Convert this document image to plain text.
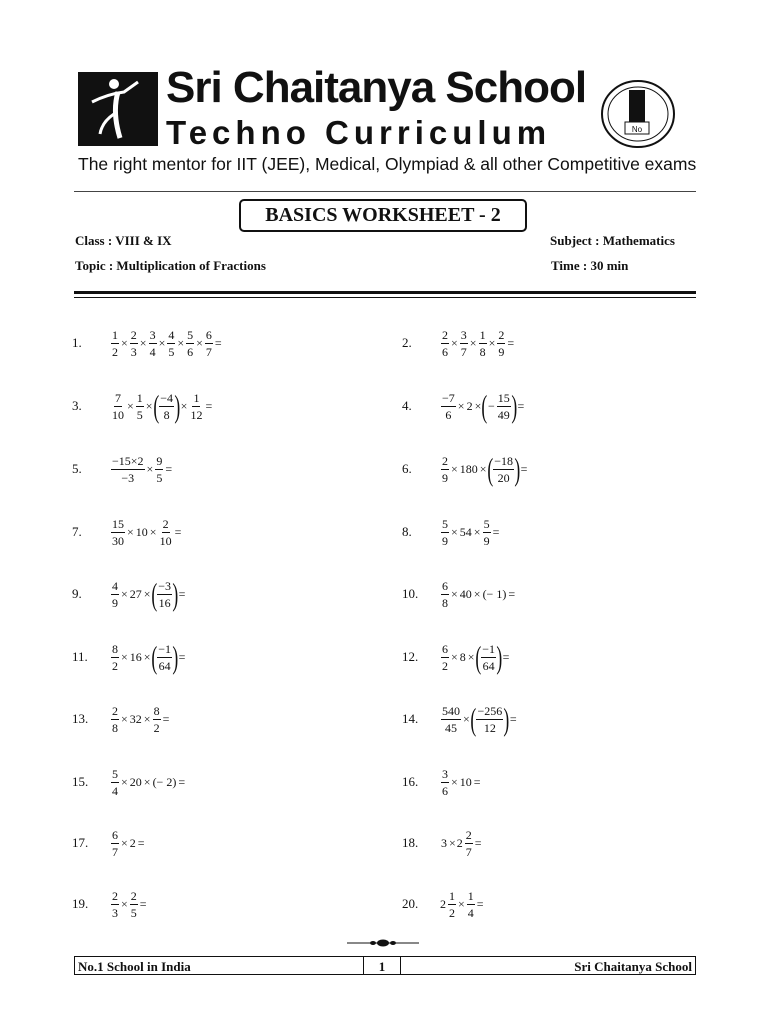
Sri Chaitanya School
Techno Curriculum	No
The right mentor for IIT (JEE), Medical, Olympiad & all other Competitive exams
BASICS WORKSHEET - 2
Class : VIII & IX	Subject : Mathematics
Topic : Multiplication of Fractions	Time : 30 min
1. $\frac{1}{2} \times \frac{2}{3} \times \frac{3}{4} \times \frac{4}{5} \times \frac{5}{6} \times \frac{6}{7}$ =	2. $\frac{2}{6} \times \frac{3}{7} \times \frac{1}{8} \times \frac{2}{9}$ =
3. $\frac{7}{10} \times \frac{1}{5}$ × ( $\frac{-4}{8}$ ) × $\frac{1}{12}$ =	4. $\frac{-7}{6} \times 2$ × ( − $\frac{15}{49}$ ) =
5. $\frac{-15\times 2}{-3} \times \frac{9}{5}$ =	6. $\frac{2}{9} \times 180$ × ( $\frac{-18}{20}$ ) =
7. $\frac{15}{30} \times 10 \times \frac{2}{10}$ =	8. $\frac{5}{9} \times 54 \times \frac{5}{9}$ =
9. $\frac{4}{9} \times 27$ × ( $\frac{-3}{16}$ ) =	10. $\frac{6}{8} \times 40$ × (− 1) =
11. $\frac{8}{2} \times 16$ × ( $\frac{-1}{64}$ ) =	12. $\frac{6}{2} \times 8$ × ( $\frac{-1}{64}$ ) =
13. $\frac{2}{8} \times 32 \times \frac{8}{2}$ =	14. $\frac{540}{45}$ × ( $\frac{-256}{12}$ ) =
15. $\frac{5}{4} \times 20$ × (− 2) =	16. $\frac{3}{6} \times 10$ =
17. $\frac{6}{7} \times 2$ =	18. $3 \times 2 \frac{2}{7}$ =
19. $\frac{2}{3} \times \frac{2}{5}$ =	20. $2 \frac{1}{2} \times \frac{1}{4}$ =
No.1 School in India	1	Sri Chaitanya School
